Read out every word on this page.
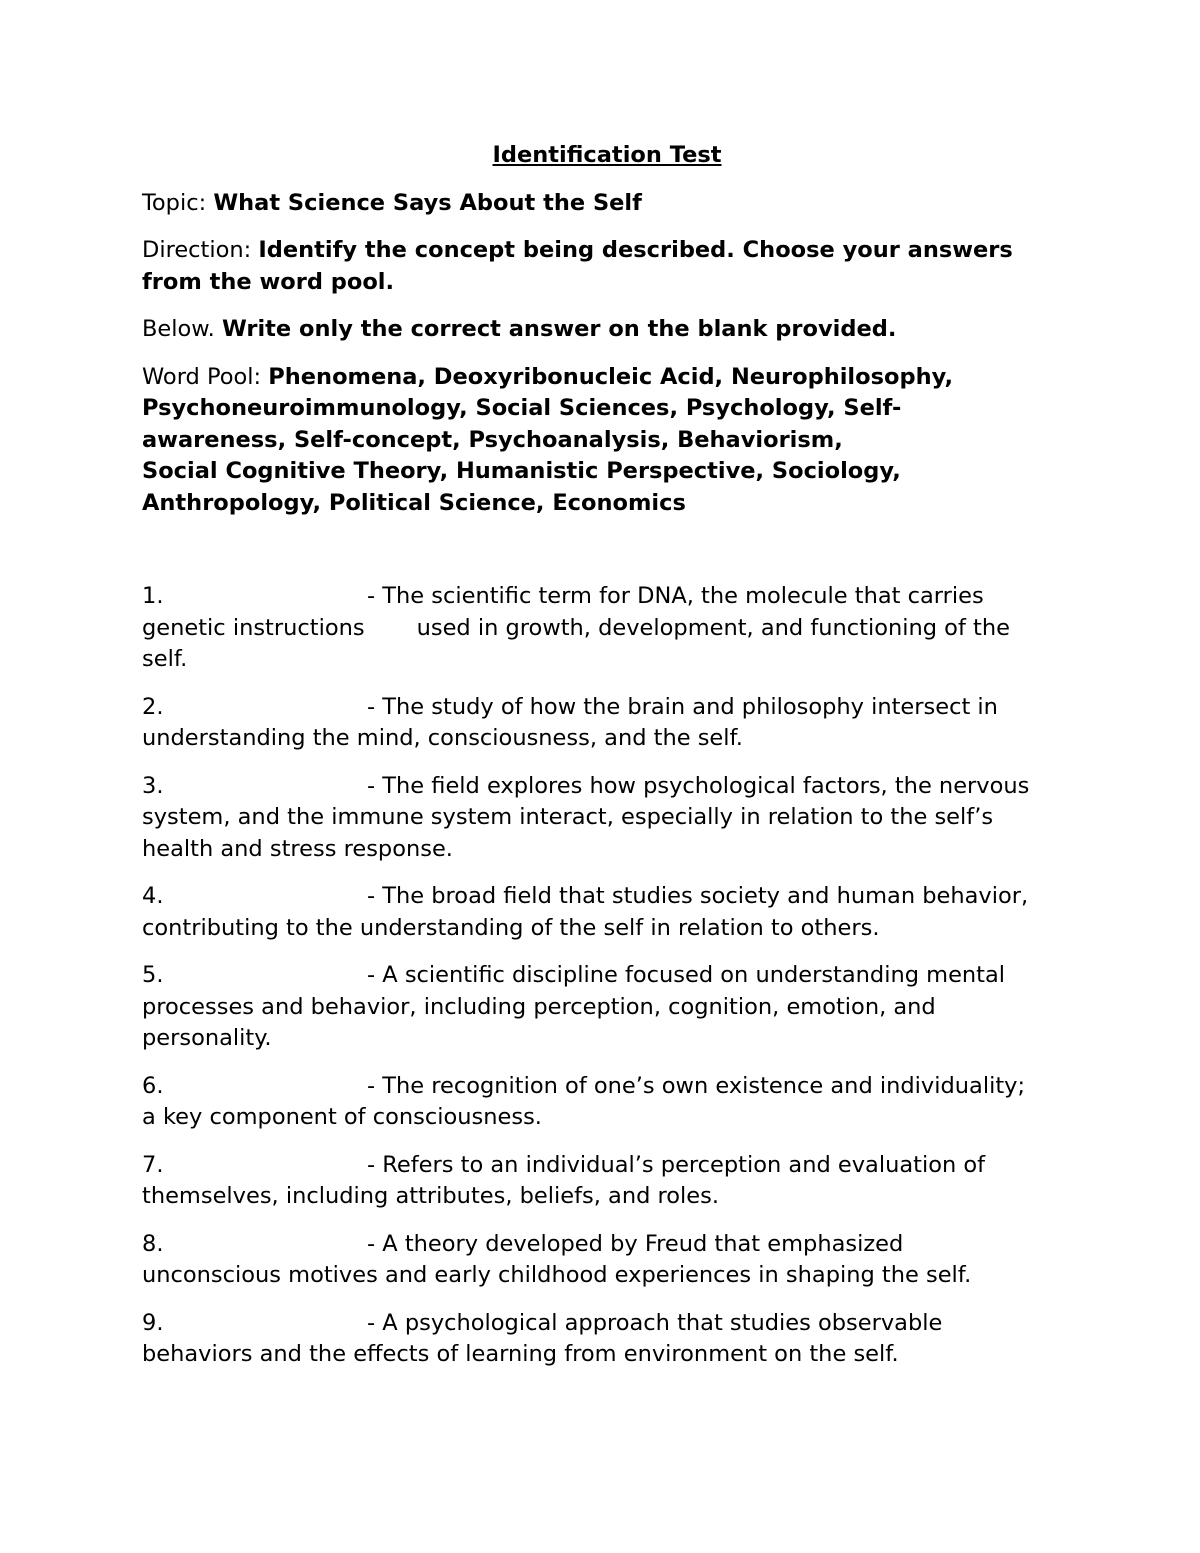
Identification Test

Topic: What Science Says About the Self

Direction: Identify the concept being described. Choose your answers from the word pool.

Below. Write only the correct answer on the blank provided.

Word Pool: Phenomena, Deoxyribonucleic Acid, Neurophilosophy,
Psychoneuroimmunology, Social Sciences, Psychology, Self-
awareness, Self-concept, Psychoanalysis, Behaviorism,
Social Cognitive Theory, Humanistic Perspective, Sociology,
Anthropology, Political Science, Economics
1.	- The scientific term for DNA, the molecule that carries
genetic instructions used in growth, development, and functioning of the
self.
2.	- The study of how the brain and philosophy intersect in
understanding the mind, consciousness, and the self.
3.	- The field explores how psychological factors, the nervous
system, and the immune system interact, especially in relation to the self’s
health and stress response.
4.	- The broad field that studies society and human behavior,
contributing to the understanding of the self in relation to others.
5.	- A scientific discipline focused on understanding mental
processes and behavior, including perception, cognition, emotion, and
personality.
6.	- The recognition of one’s own existence and individuality;
a key component of consciousness.
7.	- Refers to an individual’s perception and evaluation of
themselves, including attributes, beliefs, and roles.
8.	- A theory developed by Freud that emphasized
unconscious motives and early childhood experiences in shaping the self.
9.	- A psychological approach that studies observable
behaviors and the effects of learning from environment on the self.
